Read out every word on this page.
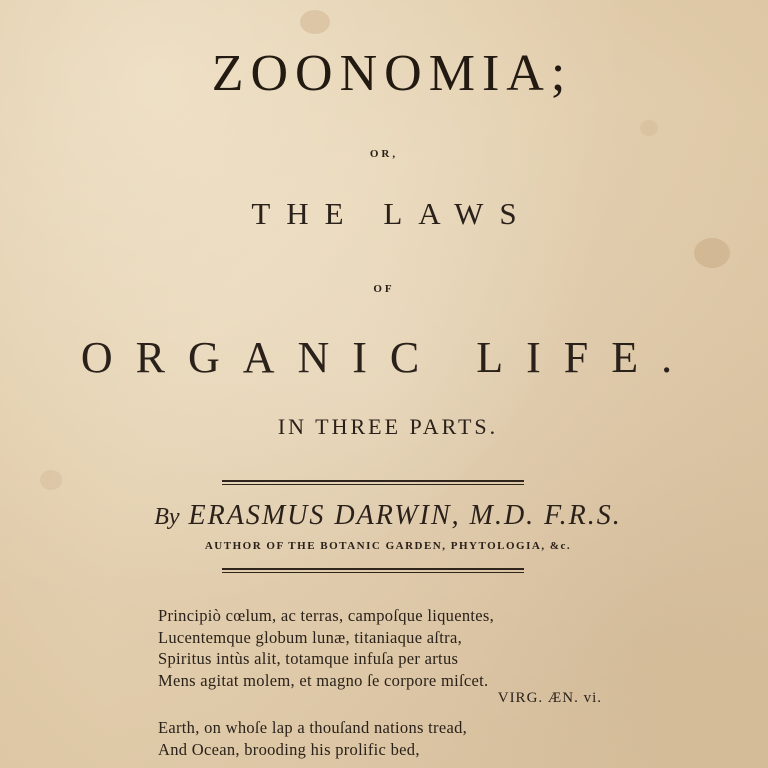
ZOONOMIA;
OR,
THE LAWS
OF
ORGANIC LIFE.
IN THREE PARTS.
By ERASMUS DARWIN, M.D. F.R.S.
AUTHOR OF THE BOTANIC GARDEN, PHYTOLOGIA, &c.
Principiò cœlum, ac terras, campoſque liquentes,
Lucentemque globum lunæ, titaniaque aſtra,
Spiritus intùs alit, totamque infuſa per artus
Mens agitat molem, et magno ſe corpore miſcet.
VIRG. ÆN. vi.
Earth, on whoſe lap a thouſand nations tread,
And Ocean, brooding his prolific bed,
